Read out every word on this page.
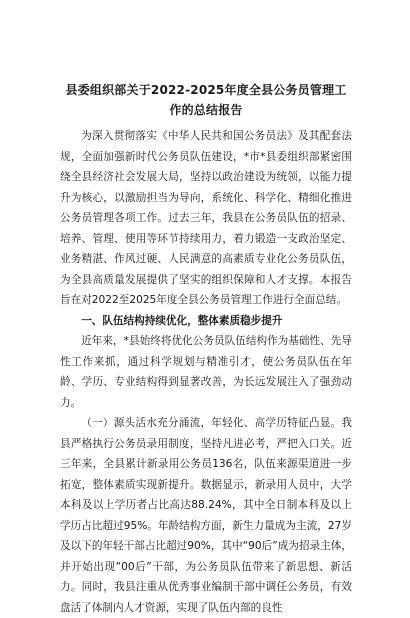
县委组织部关于2022-2025年度全县公务员管理工作的总结报告

为深入贯彻落实《中华人民共和国公务员法》及其配套法规，全面加强新时代公务员队伍建设，*市*县委组织部紧密围绕全县经济社会发展大局，坚持以政治建设为统领，以能力提升为核心，以激励担当为导向，系统化、科学化、精细化推进公务员管理各项工作。过去三年，我县在公务员队伍的招录、培养、管理、使用等环节持续用力，着力锻造一支政治坚定、业务精湛、作风过硬、人民满意的高素质专业化公务员队伍，为全县高质量发展提供了坚实的组织保障和人才支撑。本报告旨在对2022至2025年度全县公务员管理工作进行全面总结。

一、队伍结构持续优化，整体素质稳步提升

近年来，*县始终将优化公务员队伍结构作为基础性、先导性工作来抓，通过科学规划与精准引才，使公务员队伍在年龄、学历、专业结构得到显著改善，为长远发展注入了强劲动力。

（一）源头活水充分涌流，年轻化、高学历特征凸显。我县严格执行公务员录用制度，坚持凡进必考，严把入口关。近三年来，全县累计新录用公务员136名，队伍来源渠道进一步拓宽，整体素质实现新提升。数据显示，新录用人员中，大学本科及以上学历者占比高达88.24%，其中全日制本科及以上学历占比超过95%。年龄结构方面，新生力量成为主流，27岁及以下的年轻干部占比超过90%，其中“90后”成为招录主体，并开始出现“00后”干部，为公务员队伍带来了新思想、新活力。同时，我县注重从优秀事业编制干部中调任公务员，有效盘活了体制内人才资源，实现了队伍内部的良性
